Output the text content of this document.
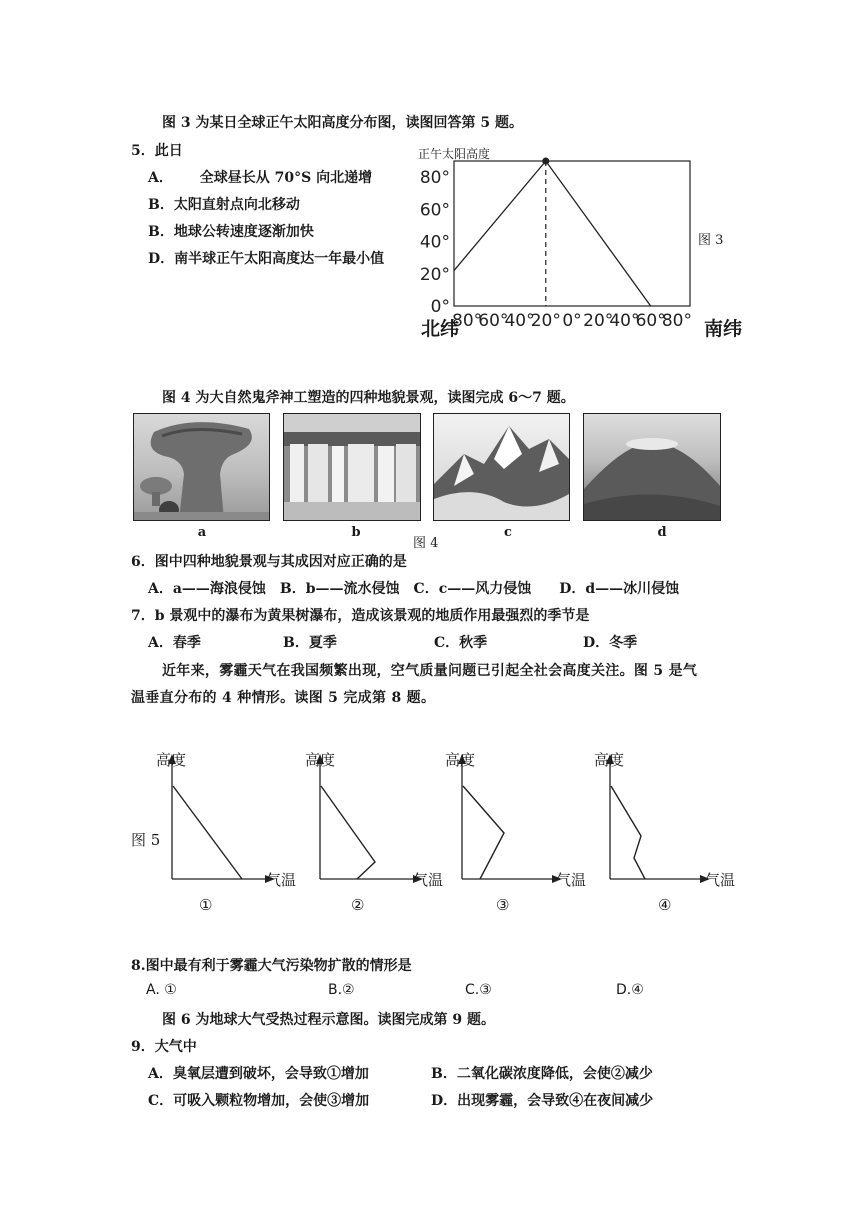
图 3 为某日全球正午太阳高度分布图，读图回答第 5 题。
5．此日
A． 全球昼长从 70°S 向北递增
B．太阳直射点向北移动
B．地球公转速度逐渐加快
D．南半球正午太阳高度达一年最小值
正午太阳高度
图 3
80°
60°
40°
20°
0°
80°
60°
40°
20° 0° 20°
40°
60°
80°
北纬	南纬
图 4 为大自然鬼斧神工塑造的四种地貌景观，读图完成 6～7 题。
a	b
图 4
c	d
6．图中四种地貌景观与其成因对应正确的是
A．a——海浪侵蚀　B．b——流水侵蚀　C．c——风力侵蚀　　D．d——冰川侵蚀
7．b 景观中的瀑布为黄果树瀑布，造成该景观的地质作用最强烈的季节是
A．春季	B．夏季	C．秋季	D．冬季
近年来，雾霾天气在我国频繁出现，空气质量问题已引起全社会高度关注。图 5 是气
温垂直分布的 4 种情形。读图 5 完成第 8 题。
图 5
高度	高度	高度	高度
气温	气温	气温	气温
①	②	③	④
8.图中最有利于雾霾大气污染物扩散的情形是
A. ①	B.②	C.③	D.④
图 6 为地球大气受热过程示意图。读图完成第 9 题。
9．大气中
A．臭氧层遭到破坏，会导致①增加	B．二氧化碳浓度降低，会使②减少
C．可吸入颗粒物增加，会使③增加	D．出现雾霾，会导致④在夜间减少
